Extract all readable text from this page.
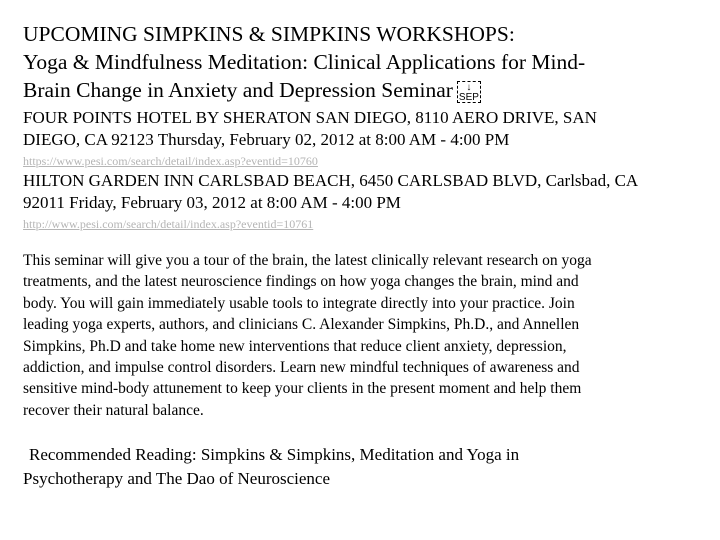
UPCOMING SIMPKINS & SIMPKINS WORKSHOPS:
Yoga & Mindfulness Meditation: Clinical Applications for Mind-
Brain Change in Anxiety and Depression Seminar ↓
SEP
FOUR POINTS HOTEL BY SHERATON SAN DIEGO, 8110 AERO DRIVE, SAN
DIEGO, CA 92123 Thursday, February 02, 2012 at 8:00 AM - 4:00 PM
https://www.pesi.com/search/detail/index.asp?eventid=10760
HILTON GARDEN INN CARLSBAD BEACH, 6450 CARLSBAD BLVD, Carlsbad, CA
92011 Friday, February 03, 2012 at 8:00 AM - 4:00 PM
http://www.pesi.com/search/detail/index.asp?eventid=10761
This seminar will give you a tour of the brain, the latest clinically relevant research on yoga
treatments, and the latest neuroscience findings on how yoga changes the brain, mind and
body. You will gain immediately usable tools to integrate directly into your practice. Join
leading yoga experts, authors, and clinicians C. Alexander Simpkins, Ph.D., and Annellen
Simpkins, Ph.D and take home new interventions that reduce client anxiety, depression,
addiction, and impulse control disorders. Learn new mindful techniques of awareness and
sensitive mind-body attunement to keep your clients in the present moment and help them
recover their natural balance.
Recommended Reading: Simpkins & Simpkins, Meditation and Yoga in
Psychotherapy and The Dao of Neuroscience
